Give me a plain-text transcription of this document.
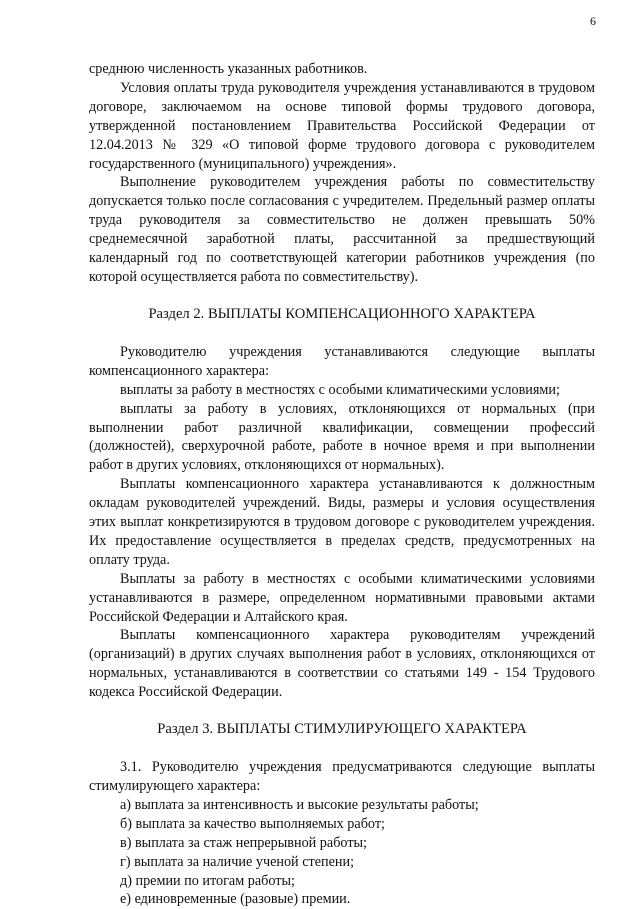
6

среднюю численность указанных работников.

Условия оплаты труда руководителя учреждения устанавливаются в трудовом договоре, заключаемом на основе типовой формы трудового договора, утвержденной постановлением Правительства Российской Федерации от 12.04.2013 № 329 «О типовой форме трудового договора с руководителем государственного (муниципального) учреждения».

Выполнение руководителем учреждения работы по совместительству допускается только после согласования с учредителем. Предельный размер оплаты труда руководителя за совместительство не должен превышать 50% среднемесячной заработной платы, рассчитанной за предшествующий календарный год по соответствующей категории работников учреждения (по которой осуществляется работа по совместительству).

Раздел 2. ВЫПЛАТЫ КОМПЕНСАЦИОННОГО ХАРАКТЕРА

Руководителю учреждения устанавливаются следующие выплаты компенсационного характера:

выплаты за работу в местностях с особыми климатическими условиями;

выплаты за работу в условиях, отклоняющихся от нормальных (при выполнении работ различной квалификации, совмещении профессий (должностей), сверхурочной работе, работе в ночное время и при выполнении работ в других условиях, отклоняющихся от нормальных).

Выплаты компенсационного характера устанавливаются к должностным окладам руководителей учреждений. Виды, размеры и условия осуществления этих выплат конкретизируются в трудовом договоре с руководителем учреждения. Их предоставление осуществляется в пределах средств, предусмотренных на оплату труда.

Выплаты за работу в местностях с особыми климатическими условиями устанавливаются в размере, определенном нормативными правовыми актами Российской Федерации и Алтайского края.

Выплаты компенсационного характера руководителям учреждений (организаций) в других случаях выполнения работ в условиях, отклоняющихся от нормальных, устанавливаются в соответствии со статьями 149 - 154 Трудового кодекса Российской Федерации.

Раздел 3. ВЫПЛАТЫ СТИМУЛИРУЮЩЕГО ХАРАКТЕРА

3.1. Руководителю учреждения предусматриваются следующие выплаты стимулирующего характера:

а) выплата за интенсивность и высокие результаты работы;

б) выплата за качество выполняемых работ;

в) выплата за стаж непрерывной работы;

г) выплата за наличие ученой степени;

д) премии по итогам работы;

е) единовременные (разовые) премии.
